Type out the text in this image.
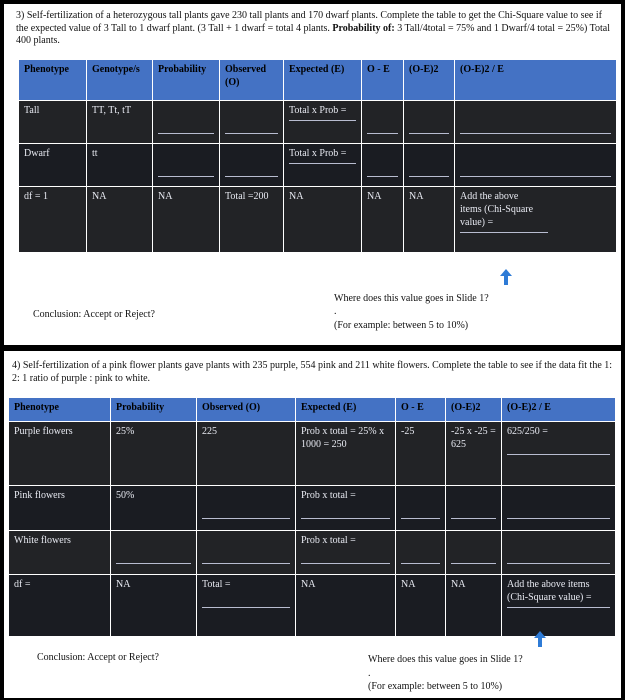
3) Self-fertilization of a heterozygous tall plants gave 230 tall plants and 170 dwarf plants. Complete the table to get the Chi-Square value to see if the expected value of 3 Tall to 1 dwarf plant. (3 Tall + 1 dwarf = total 4 plants. Probability of: 3 Tall/4total = 75% and 1 Dwarf/4 total = 25%) Total 400 plants.
Phenotype	Genotype/s	Probability	Observed (O)	Expected (E)	O - E	(O-E)2	(O-E)2 / E
Tall	TT, Tt, tT			Total x Prob =

Dwarf	tt			Total x Prob =

df = 1	NA	NA	Total =200	NA	NA	NA	Add the above items (Chi-Square value) =
Where does this value goes in Slide 1?
.
Conclusion: Accept or Reject?
(For example: between 5 to 10%)
4) Self-fertilization of a pink flower plants gave plants with 235 purple, 554 pink and 211 white flowers. Complete the table to see if the data fit the 1: 2: 1 ratio of purple : pink to white.
Phenotype	Probability	Observed (O)	Expected (E)	O - E	(O-E)2	(O-E)2 / E
Purple flowers	25%	225	Prob x total = 25% x 1000 = 250	-25	-25 x -25 = 625	625/250 =

Pink flowers	50%		Prob x total =

White flowers			Prob x total =

df =	NA	Total =	NA	NA	NA	Add the above items (Chi-Square value) =
Conclusion: Accept or Reject?	Where does this value goes in Slide 1?
.
(For example: between 5 to 10%)
